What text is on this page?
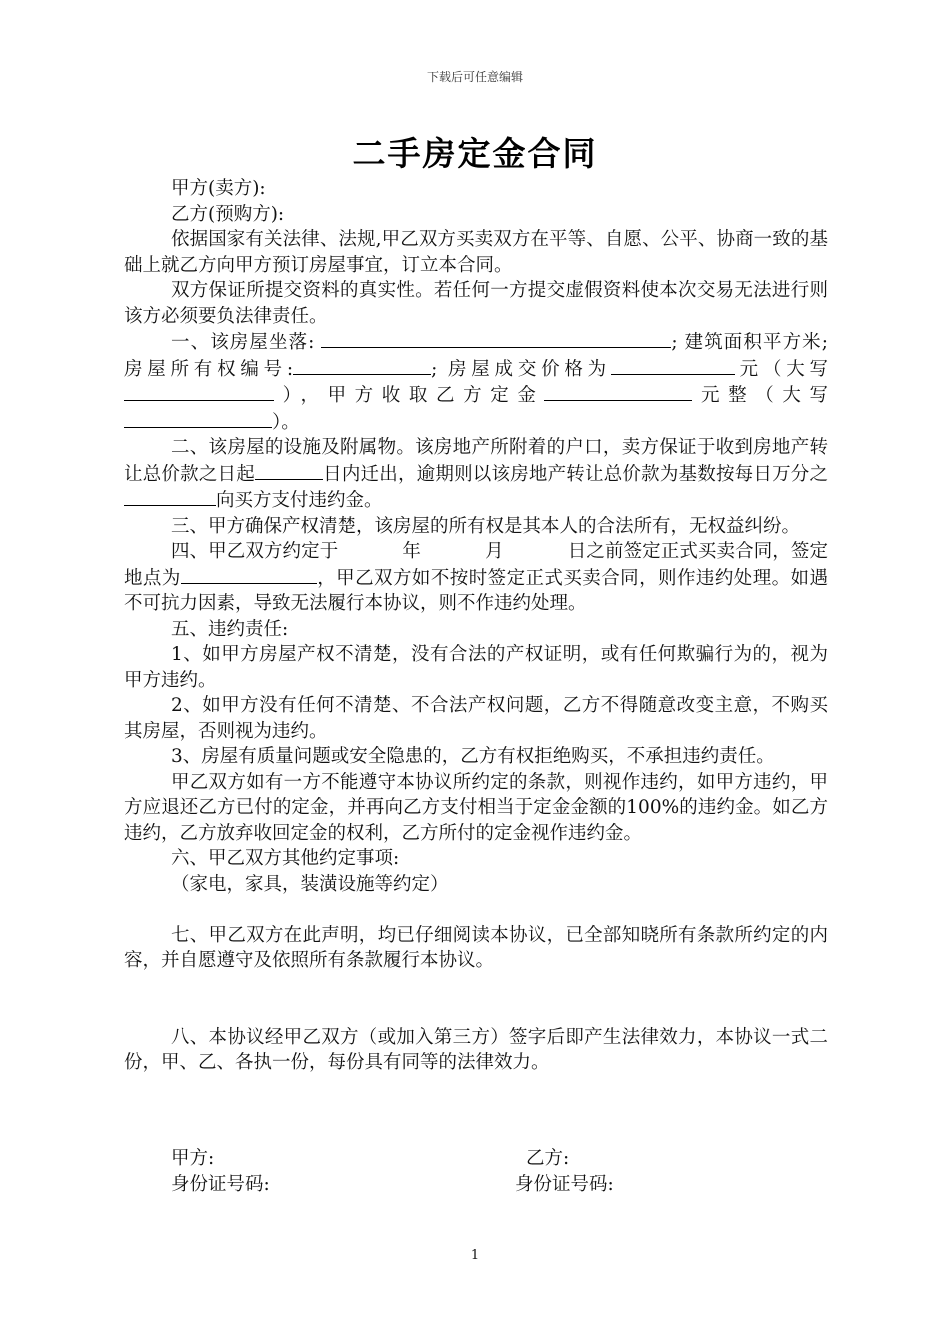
下载后可任意编辑
二手房定金合同

甲方(卖方):

乙方(预购方):

依据国家有关法律、法规,甲乙双方买卖双方在平等、自愿、公平、协商一致的基础上就乙方向甲方预订房屋事宜，订立本合同。

双方保证所提交资料的真实性。若任何一方提交虚假资料使本次交易无法进行则该方必须要负法律责任。

一、该房屋坐落:	; 建筑面积平方米; 房屋所有权编号:	; 房屋成交价格为	元（大写），甲方收取乙方定金	元整（大写）。

二、该房屋的设施及附属物。该房地产所附着的户口，卖方保证于收到房地产转让总价款之日起	日内迁出，逾期则以该房地产转让总价款为基数按每日万分之向买方支付违约金。

三、甲方确保产权清楚，该房屋的所有权是其本人的合法所有，无权益纠纷。

四、甲乙双方约定于	年	月	日之前签定正式买卖合同，签定地点为	，甲乙双方如不按时签定正式买卖合同，则作违约处理。如遇不可抗力因素，导致无法履行本协议，则不作违约处理。

五、违约责任:

1、如甲方房屋产权不清楚，没有合法的产权证明，或有任何欺骗行为的，视为甲方违约。

2、如甲方没有任何不清楚、不合法产权问题，乙方不得随意改变主意，不购买其房屋，否则视为违约。

3、房屋有质量问题或安全隐患的，乙方有权拒绝购买，不承担违约责任。

甲乙双方如有一方不能遵守本协议所约定的条款，则视作违约，如甲方违约，甲方应退还乙方已付的定金，并再向乙方支付相当于定金金额的100%的违约金。如乙方违约，乙方放弃收回定金的权利，乙方所付的定金视作违约金。

六、甲乙双方其他约定事项:

（家电，家具，装潢设施等约定）

七、甲乙双方在此声明，均已仔细阅读本协议，已全部知晓所有条款所约定的内容，并自愿遵守及依照所有条款履行本协议。

八、本协议经甲乙双方（或加入第三方）签字后即产生法律效力，本协议一式二份，甲、乙、各执一份，每份具有同等的法律效力。

甲方:	乙方:
身份证号码:	身份证号码:
1
